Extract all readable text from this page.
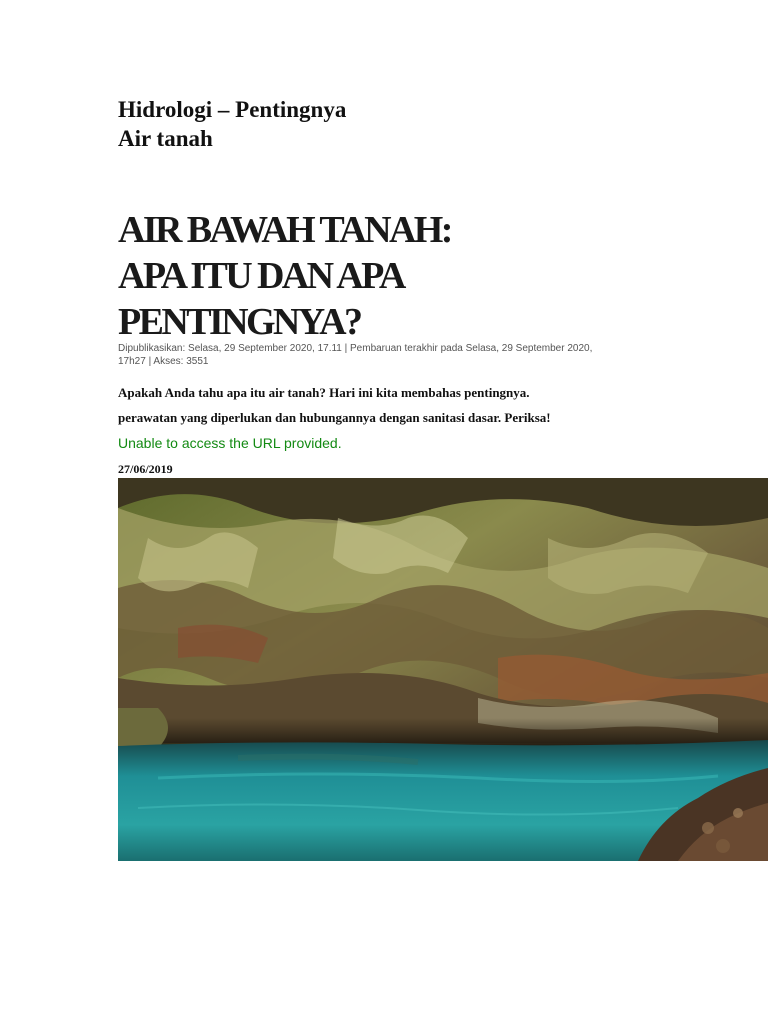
Hidrologi – Pentingnya
Air tanah
AIR BAWAH TANAH:
APA ITU DAN APA
PENTINGNYA?

Dipublikasikan: Selasa, 29 September 2020, 17.11 | Pembaruan terakhir pada Selasa, 29 September 2020, 17h27 | Akses: 3551

Apakah Anda tahu apa itu air tanah? Hari ini kita membahas pentingnya.

perawatan yang diperlukan dan hubungannya dengan sanitasi dasar. Periksa!

Unable to access the URL provided.

27/06/2019
